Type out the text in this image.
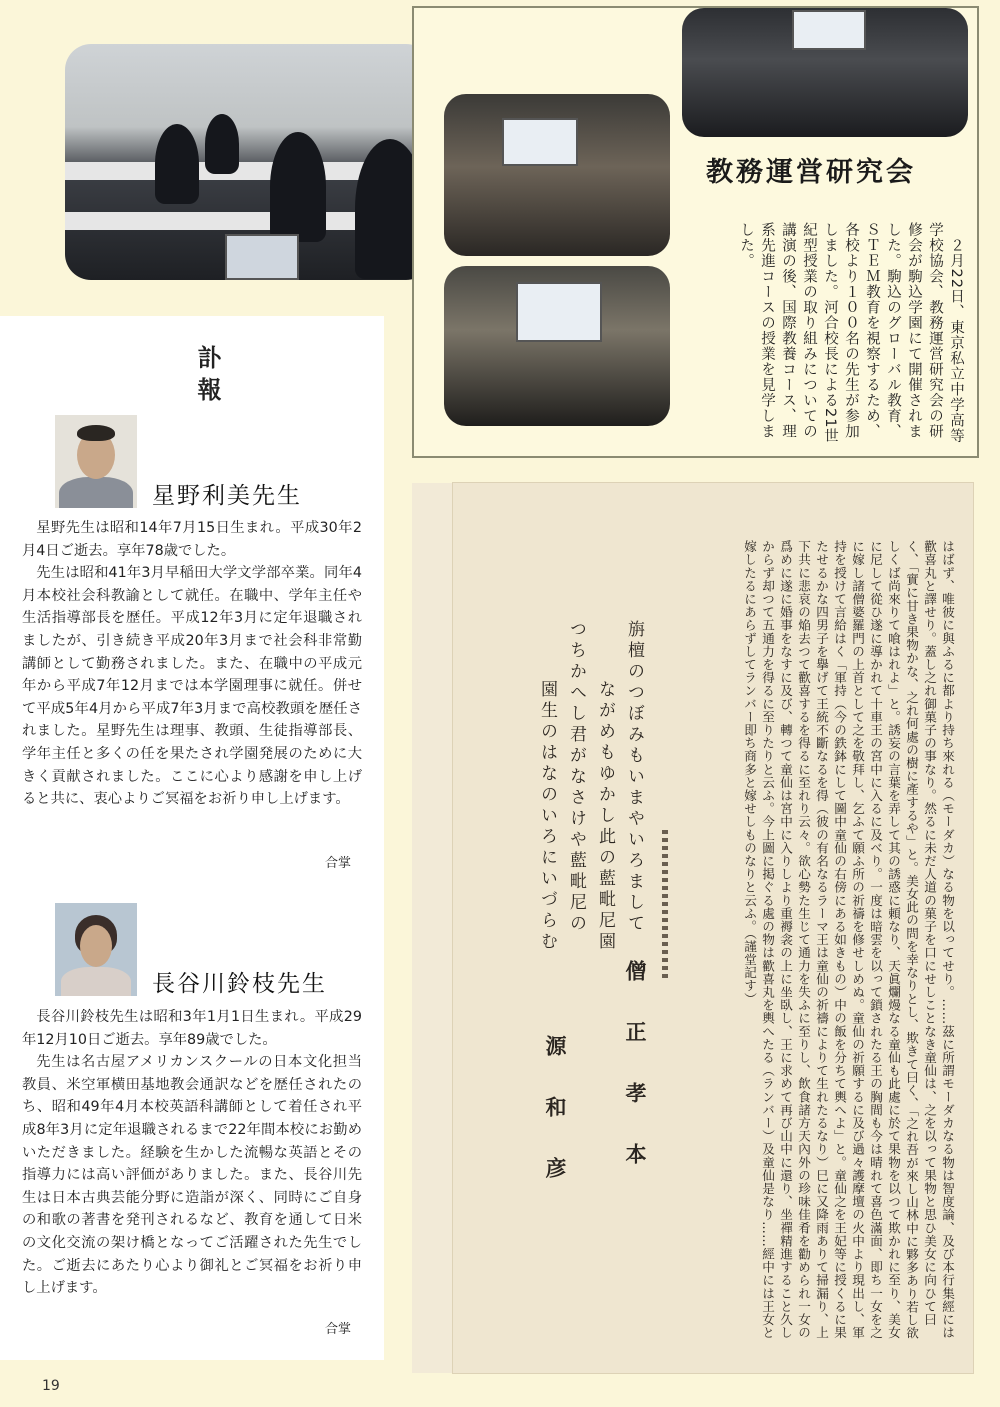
教務運営研究会
　２月22日、東京私立中学高等学校協会、教務運営研究会の研修会が駒込学園にて開催されました。駒込のグローバル教育、ＳＴＥＭ教育を視察するため、各校より１００名の先生が参加しました。河合校長による21世紀型授業の取り組みについての講演の後、国際教養コース、理系先進コースの授業を見学しました。
訃報
星野利美先生

星野先生は昭和14年7月15日生まれ。平成30年2月4日ご逝去。享年78歳でした。

先生は昭和41年3月早稲田大学文学部卒業。同年4月本校社会科教諭として就任。在職中、学年主任や生活指導部長を歴任。平成12年3月に定年退職されましたが、引き続き平成20年3月まで社会科非常勤講師として勤務されました。また、在職中の平成元年から平成7年12月までは本学園理事に就任。併せて平成5年4月から平成7年3月まで高校教頭を歴任されました。星野先生は理事、教頭、生徒指導部長、学年主任と多くの任を果たされ学園発展のために大きく貢献されました。ここに心より感謝を申し上げると共に、衷心よりご冥福をお祈り申し上げます。

合掌
長谷川鈴枝先生

長谷川鈴枝先生は昭和3年1月1日生まれ。平成29年12月10日ご逝去。享年89歳でした。

先生は名古屋アメリカンスクールの日本文化担当教員、米空軍横田基地教会通訳などを歴任されたのち、昭和49年4月本校英語科講師として着任され平成8年3月に定年退職されるまで22年間本校にお勤めいただきました。経験を生かした流暢な英語とその指導力には高い評価がありました。また、長谷川先生は日本古典芸能分野に造詣が深く、同時にご自身の和歌の著書を発刊されるなど、教育を通して日米の文化交流の架け橋となってご活躍された先生でした。ご逝去にあたり心より御礼とご冥福をお祈り申し上げます。

合掌	はばず、唯彼に與ふるに都より持ち來れる（モーダカ）なる物を以ってせり。……茲に所謂モーダカなる物は智度論、及び本行集經には歡喜丸と譯せり。蓋し之れ御菓子の事なり。然るに未だ人道の菓子を口にせしことなき童仙は、之を以って果物と思ひ美女に向ひて曰く、「實に甘き果物かな、之れ何處の樹に產するや」と。美女此の問を幸なりとし、欺きて曰く、「之れ吾が來し山林中に夥多あり若し欲しくば尚來りて喰はれよ」と。誘妄の言葉を弄して其の誘惑に頼なり、天眞爛熳なる童仙も此處に於て果物を以つて欺かれに至り、美女に尼して從ひ遂に導かれて十車王の宮中に入るに及べり。一度は暗雲を以って鎖されたる王の胸間も今は晴れて喜色滿面、即ち一女を之に嫁し諸僧婆羅門の上首として之を敬拜し、乞ふて願ふ所の祈禱を修せしめぬ。童仙の祈願するに及び過々護摩壇の火中より現出し、軍持を授けて言給はく「軍持（今の鉄鉢にして圖中童仙の右傍にある如きもの）中の飯を分ちて輿へよ」と。童仙之を王妃等に授くるに果たせるかな四男子を擧げて王統不斷なるを得（彼の有名なるラーマ王は童仙の祈禱によりて生れたるなり）巳に又降雨ありて掃漏り、上下共に悲哀の焔去つて歡喜するを得るに至れり云々。欲心勢た生じて通力を失ふに至りし、飲食諸方天內外の珍味佳肴を勸められ一女の爲めに遂に婚事をなすに及び、轉つて童仙は宮中に入りしより重褥衾の上に坐臥し、王に求めて再び山中に還り、坐禪精進すること久しからず却つて五通力を得るに至りたりと云ふ。今上圖に掲ぐる處の物は歡喜丸を輿へたる（ランバー）及童仙是なり……經中には王女と嫁したるにあらずしてランバー即ち商多と嫁せしものなりと云ふ。（謹堂記す）
旃檀のつぼみもいまやいろまして
ながめもゆかし此の藍毗尼園
つちかへし君がなさけや藍毗尼の
園生のはなのいろにいづらむ
僧正孝本
源和彦
19
